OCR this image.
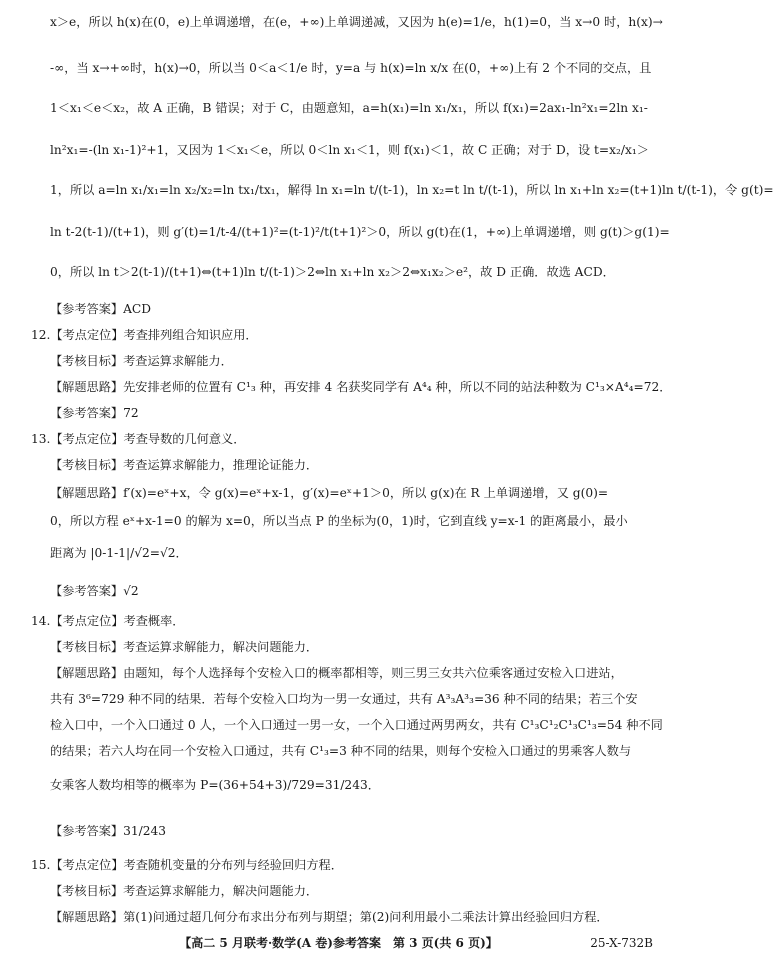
x＞e，所以 h(x)在(0，e)上单调递增，在(e，+∞)上单调递减，又因为 h(e)=1/e，h(1)=0，当 x→0 时，h(x)→
-∞，当 x→+∞时，h(x)→0，所以当 0＜a＜1/e 时，y=a 与 h(x)=ln x/x 在(0，+∞)上有 2 个不同的交点，且
1＜x₁＜e＜x₂，故 A 正确，B 错误；对于 C，由题意知，a=h(x₁)=ln x₁/x₁，所以 f(x₁)=2ax₁-ln²x₁=2ln x₁-
ln²x₁=-(ln x₁-1)²+1，又因为 1＜x₁＜e，所以 0＜ln x₁＜1，则 f(x₁)＜1，故 C 正确；对于 D，设 t=x₂/x₁＞
1，所以 a=ln x₁/x₁=ln x₂/x₂=ln tx₁/tx₁，解得 ln x₁=ln t/(t-1)，ln x₂=t ln t/(t-1)，所以 ln x₁+ln x₂=(t+1)ln t/(t-1)，令 g(t)=
ln t-2(t-1)/(t+1)，则 g′(t)=1/t-4/(t+1)²=(t-1)²/t(t+1)²＞0，所以 g(t)在(1，+∞)上单调递增，则 g(t)＞g(1)=
0，所以 ln t＞2(t-1)/(t+1)⇔(t+1)ln t/(t-1)＞2⇔ln x₁+ln x₂＞2⇔x₁x₂＞e²，故 D 正确．故选 ACD．
【参考答案】ACD
12.【考点定位】考查排列组合知识应用．
【考核目标】考查运算求解能力．
【解题思路】先安排老师的位置有 C¹₃ 种，再安排 4 名获奖同学有 A⁴₄ 种，所以不同的站法种数为 C¹₃×A⁴₄=72．
【参考答案】72
13.【考点定位】考查导数的几何意义．
【考核目标】考查运算求解能力，推理论证能力．
【解题思路】f′(x)=eˣ+x，令 g(x)=eˣ+x-1，g′(x)=eˣ+1＞0，所以 g(x)在 R 上单调递增，又 g(0)=
0，所以方程 eˣ+x-1=0 的解为 x=0，所以当点 P 的坐标为(0，1)时，它到直线 y=x-1 的距离最小，最小
距离为 |0-1-1|/√2=√2．
【参考答案】√2
14.【考点定位】考查概率．
【考核目标】考查运算求解能力，解决问题能力．
【解题思路】由题知，每个人选择每个安检入口的概率都相等，则三男三女共六位乘客通过安检入口进站，
共有 3⁶=729 种不同的结果．若每个安检入口均为一男一女通过，共有 A³₃A³₃=36 种不同的结果；若三个安
检入口中，一个入口通过 0 人，一个入口通过一男一女，一个入口通过两男两女，共有 C¹₃C¹₂C¹₃C¹₃=54 种不同
的结果；若六人均在同一个安检入口通过，共有 C¹₃=3 种不同的结果，则每个安检入口通过的男乘客人数与
女乘客人数均相等的概率为 P=(36+54+3)/729=31/243．
【参考答案】31/243
15.【考点定位】考查随机变量的分布列与经验回归方程．
【考核目标】考查运算求解能力，解决问题能力．
【解题思路】第(1)问通过超几何分布求出分布列与期望；第(2)问利用最小二乘法计算出经验回归方程．
【高二 5 月联考·数学(A 卷)参考答案　第 3 页(共 6 页)】	25-X-732B
